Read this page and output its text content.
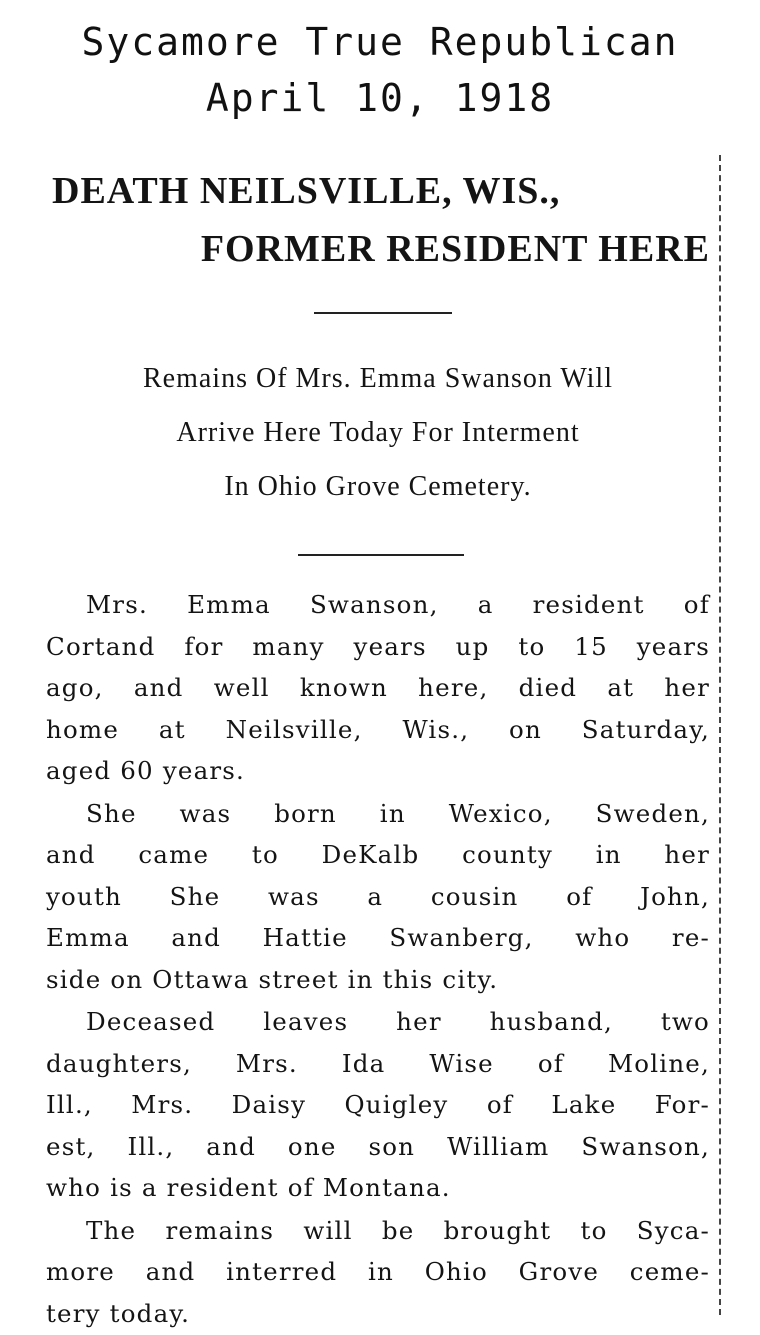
Sycamore True Republican
April 10, 1918
DEATH NEILSVILLE, WIS.,
FORMER RESIDENT HERE
Remains Of Mrs. Emma Swanson Will
Arrive Here Today For Interment
In Ohio Grove Cemetery.
Mrs. Emma Swanson, a resident of
Cortand for many years up to 15 years
ago, and well known here, died at her
home at Neilsville, Wis., on Saturday,
aged 60 years.
She was born in Wexico, Sweden,
and came to DeKalb county in her
youth She was a cousin of John,
Emma and Hattie Swanberg, who re-
side on Ottawa street in this city.
Deceased leaves her husband, two
daughters, Mrs. Ida Wise of Moline,
Ill., Mrs. Daisy Quigley of Lake For-
est, Ill., and one son William Swanson,
who is a resident of Montana.
The remains will be brought to Syca-
more and interred in Ohio Grove ceme-
tery today.
